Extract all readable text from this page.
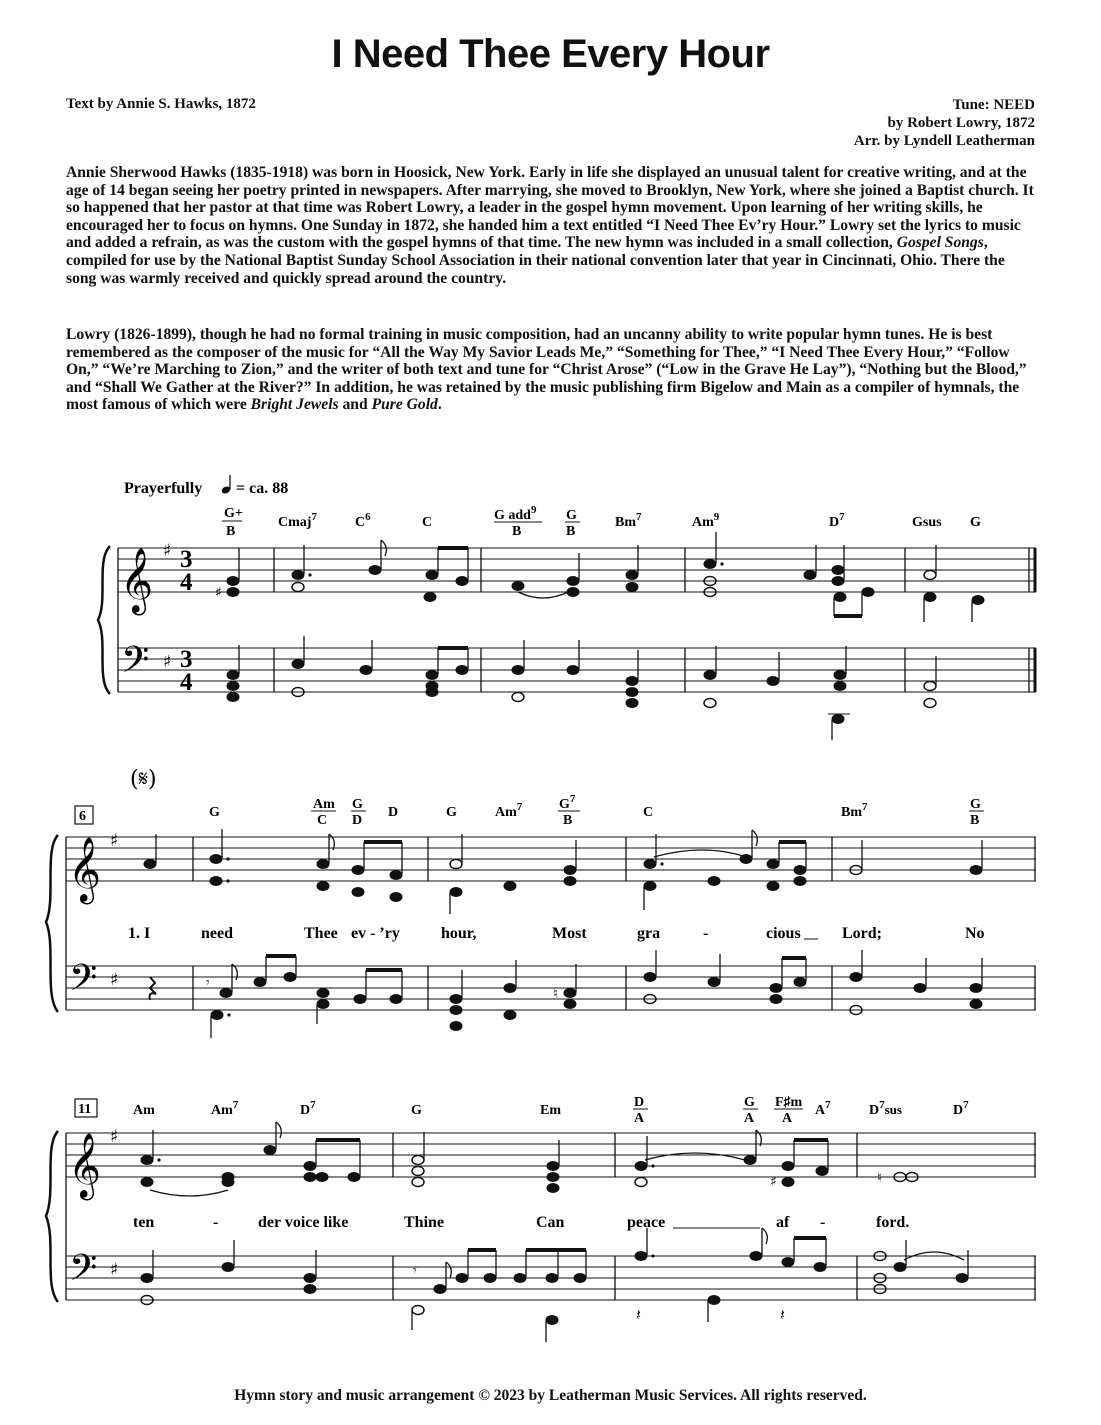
I Need Thee Every Hour
Text by Annie S. Hawks, 1872	Tune: NEED
by Robert Lowry, 1872
Arr. by Lyndell Leatherman

Annie Sherwood Hawks (1835-1918) was born in Hoosick, New York. Early in life she displayed an unusual talent for creative writing, and at the age of 14 began seeing her poetry printed in newspapers. After marrying, she moved to Brooklyn, New York, where she joined a Baptist church. It so happened that her pastor at that time was Robert Lowry, a leader in the gospel hymn movement. Upon learning of her writing skills, he encouraged her to focus on hymns. One Sunday in 1872, she handed him a text entitled “I Need Thee Ev’ry Hour.” Lowry set the lyrics to music and added a refrain, as was the custom with the gospel hymns of that time. The new hymn was included in a small collection, Gospel Songs, compiled for use by the National Baptist Sunday School Association in their national convention later that year in Cincinnati, Ohio. There the song was warmly received and quickly spread around the country.

Lowry (1826-1899), though he had no formal training in music composition, had an uncanny ability to write popular hymn tunes. He is best remembered as the composer of the music for “All the Way My Savior Leads Me,” “Something for Thee,” “I Need Thee Every Hour,” “Follow On,” “We’re Marching to Zion,” and the writer of both text and tune for “Christ Arose” (“Low in the Grave He Lay”), “Nothing but the Blood,” and “Shall We Gather at the River?” In addition, he was retained by the music publishing firm Bigelow and Main as a compiler of hymnals, the most famous of which were Bright Jewels and Pure Gold.

Prayerfully = ca. 88
G+
B
Cmaj$^7$	$C^6$	C	G add$^9$
B
G
B
Bm$^7$	Am$^9$	$D^7$	Gsus G
𝄞
𝄢
♯
♯
3
4
3
4
♯
(𝄋)
6	G
Am
C
G
D
D	G	Am$^7$	$G^7$
B
C	Bm$^7$	G
B
𝄞
𝄢
♯
♯
1. I	need	Thee ev - ’ry	hour,	Most	gra	-	cious	Lord;	No
𝄾
♮
11	Am	Am$^7$	$D^7$	G	Em
D
A
G
A
F♯m
A
$A^7$	$D^7sus$	$D^7$
𝄞
𝄢
♯
♯
♯	♮
ten	- der voice like	Thine	Can	peace	af -	ford.
𝄾
𝄽	𝄽
Hymn story and music arrangement © 2023 by Leatherman Music Services. All rights reserved.
